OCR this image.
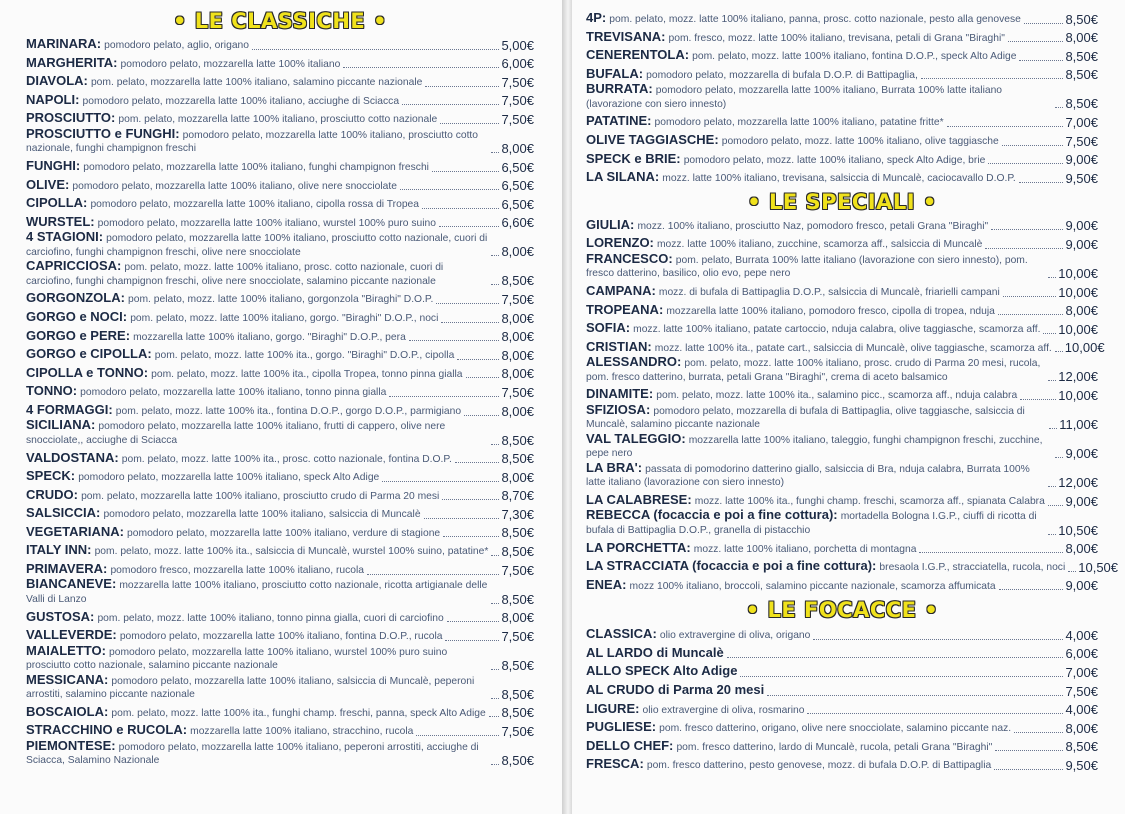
• LE CLASSICHE •
MARINARA: pomodoro pelato, aglio, origano	5,00€
MARGHERITA: pomodoro pelato, mozzarella latte 100% italiano	6,00€
DIAVOLA: pom. pelato, mozzarella latte 100% italiano, salamino piccante nazionale	7,50€
NAPOLI: pomodoro pelato, mozzarella latte 100% italiano, acciughe di Sciacca	7,50€
PROSCIUTTO: pom. pelato, mozzarella latte 100% italiano, prosciutto cotto nazionale	7,50€
PROSCIUTTO e FUNGHI: pomodoro pelato, mozzarella latte 100% italiano, prosciutto cotto nazionale, funghi champignon freschi	8,00€
FUNGHI: pomodoro pelato, mozzarella latte 100% italiano, funghi champignon freschi	6,50€
OLIVE: pomodoro pelato, mozzarella latte 100% italiano, olive nere snocciolate	6,50€
CIPOLLA: pomodoro pelato, mozzarella latte 100% italiano, cipolla rossa di Tropea	6,50€
WURSTEL: pomodoro pelato, mozzarella latte 100% italiano, wurstel 100% puro suino	6,60€
4 STAGIONI: pomodoro pelato, mozzarella latte 100% italiano, prosciutto cotto nazionale, cuori di carciofino, funghi champignon freschi, olive nere snocciolate	8,00€
CAPRICCIOSA: pom. pelato, mozz. latte 100% italiano, prosc. cotto nazionale, cuori di carciofino, funghi champignon freschi, olive nere snocciolate, salamino piccante nazionale	8,50€
GORGONZOLA: pom. pelato, mozz. latte 100% italiano, gorgonzola "Biraghi" D.O.P.	7,50€
GORGO e NOCI: pom. pelato, mozz. latte 100% italiano, gorgo. "Biraghi" D.O.P., noci	8,00€
GORGO e PERE: mozzarella latte 100% italiano, gorgo. "Biraghi" D.O.P., pera	8,00€
GORGO e CIPOLLA: pom. pelato, mozz. latte 100% ita., gorgo. "Biraghi" D.O.P., cipolla	8,00€
CIPOLLA e TONNO: pom. pelato, mozz. latte 100% ita., cipolla Tropea, tonno pinna gialla	8,00€
TONNO: pomodoro pelato, mozzarella latte 100% italiano, tonno pinna gialla	7,50€
4 FORMAGGI: pom. pelato, mozz. latte 100% ita., fontina D.O.P., gorgo D.O.P., parmigiano	8,00€
SICILIANA: pomodoro pelato, mozzarella latte 100% italiano, frutti di cappero, olive nere snocciolate,, acciughe di Sciacca	8,50€
VALDOSTANA: pom. pelato, mozz. latte 100% ita., prosc. cotto nazionale, fontina D.O.P.	8,50€
SPECK: pomodoro pelato, mozzarella latte 100% italiano, speck Alto Adige	8,00€
CRUDO: pom. pelato, mozzarella latte 100% italiano, prosciutto crudo di Parma 20 mesi	8,70€
SALSICCIA: pomodoro pelato, mozzarella latte 100% italiano, salsiccia di Muncalè	7,30€
VEGETARIANA: pomodoro pelato, mozzarella latte 100% italiano, verdure di stagione	8,50€
ITALY INN: pom. pelato, mozz. latte 100% ita., salsiccia di Muncalè, wurstel 100% suino, patatine* 8,50€
PRIMAVERA: pomodoro fresco, mozzarella latte 100% italiano, rucola	7,50€
BIANCANEVE: mozzarella latte 100% italiano, prosciutto cotto nazionale, ricotta artigianale delle Valli di Lanzo	8,50€
GUSTOSA: pom. pelato, mozz. latte 100% italiano, tonno pinna gialla, cuori di carciofino	8,00€
VALLEVERDE: pomodoro pelato, mozzarella latte 100% italiano, fontina D.O.P., rucola	7,50€
MAIALETTO: pomodoro pelato, mozzarella latte 100% italiano, wurstel 100% puro suino prosciutto cotto nazionale, salamino piccante nazionale	8,50€
MESSICANA: pomodoro pelato, mozzarella latte 100% italiano, salsiccia di Muncalè, peperoni arrostiti, salamino piccante nazionale	8,50€
BOSCAIOLA: pom. pelato, mozz. latte 100% ita., funghi champ. freschi, panna, speck Alto Adige 8,50€
STRACCHINO e RUCOLA: mozzarella latte 100% italiano, stracchino, rucola	7,50€
PIEMONTESE: pomodoro pelato, mozzarella latte 100% italiano, peperoni arrostiti, acciughe di Sciacca, Salamino Nazionale	8,50€
4P: pom. pelato, mozz. latte 100% italiano, panna, prosc. cotto nazionale, pesto alla genovese	8,50€
TREVISANA: pom. fresco, mozz. latte 100% italiano, trevisana, petali di Grana "Biraghi"	8,00€
CENERENTOLA: pom. pelato, mozz. latte 100% italiano, fontina D.O.P., speck Alto Adige	8,50€
BUFALA: pomodoro pelato, mozzarella di bufala D.O.P. di Battipaglia,	8,50€
BURRATA: pomodoro pelato, mozzarella latte 100% italiano, Burrata 100% latte italiano (lavorazione con siero innesto)	8,50€
PATATINE: pomodoro pelato, mozzarella latte 100% italiano, patatine fritte*	7,00€
OLIVE TAGGIASCHE: pomodoro pelato, mozz. latte 100% italiano, olive taggiasche	7,50€
SPECK e BRIE: pomodoro pelato, mozz. latte 100% italiano, speck Alto Adige, brie	9,00€
LA SILANA: mozz. latte 100% italiano, trevisana, salsiccia di Muncalè, caciocavallo D.O.P.	9,50€
• LE SPECIALI •
GIULIA: mozz. 100% italiano, prosciutto Naz, pomodoro fresco, petali Grana "Biraghi"	9,00€
LORENZO: mozz. latte 100% italiano, zucchine, scamorza aff., salsiccia di Muncalè	9,00€
FRANCESCO: pom. pelato, Burrata 100% latte italiano (lavorazione con siero innesto), pom. fresco datterino, basilico, olio evo, pepe nero	10,00€
CAMPANA: mozz. di bufala di Battipaglia D.O.P., salsiccia di Muncalè, friarielli campani	10,00€
TROPEANA: mozzarella latte 100% italiano, pomodoro fresco, cipolla di tropea, nduja	8,00€
SOFIA: mozz. latte 100% italiano, patate cartoccio, nduja calabra, olive taggiasche, scamorza aff. 10,00€
CRISTIAN: mozz. latte 100% ita., patate cart., salsiccia di Muncalè, olive taggiasche, scamorza aff. 10,00€
ALESSANDRO: pom. pelato, mozz. latte 100% italiano, prosc. crudo di Parma 20 mesi, rucola, pom. fresco datterino, burrata, petali Grana "Biraghi", crema di aceto balsamico	12,00€
DINAMITE: pom. pelato, mozz. latte 100% ita., salamino picc., scamorza aff., nduja calabra	10,00€
SFIZIOSA: pomodoro pelato, mozzarella di bufala di Battipaglia, olive taggiasche, salsiccia di Muncalè, salamino piccante nazionale	11,00€
VAL TALEGGIO: mozzarella latte 100% italiano, taleggio, funghi champignon freschi, zucchine, pepe nero	9,00€
LA BRA': passata di pomodorino datterino giallo, salsiccia di Bra, nduja calabra, Burrata 100% latte italiano (lavorazione con siero innesto)	12,00€
LA CALABRESE: mozz. latte 100% ita., funghi champ. freschi, scamorza aff., spianata Calabra 9,00€
REBECCA (focaccia e poi a fine cottura): mortadella Bologna I.G.P., ciuffi di ricotta di bufala di Battipaglia D.O.P., granella di pistacchio	10,50€
LA PORCHETTA: mozz. latte 100% italiano, porchetta di montagna	8,00€
LA STRACCIATA (focaccia e poi a fine cottura): bresaola I.G.P., stracciatella, rucola, noci 10,50€
ENEA: mozz 100% italiano, broccoli, salamino piccante nazionale, scamorza affumicata	9,00€
• LE FOCACCE •
CLASSICA: olio extravergine di oliva, origano	4,00€
AL LARDO di Muncalè	6,00€
ALLO SPECK Alto Adige	7,00€
AL CRUDO di Parma 20 mesi	7,50€
LIGURE: olio extravergine di oliva, rosmarino	4,00€
PUGLIESE: pom. fresco datterino, origano, olive nere snocciolate, salamino piccante naz.	8,00€
DELLO CHEF: pom. fresco datterino, lardo di Muncalè, rucola, petali Grana "Biraghi"	8,50€
FRESCA: pom. fresco datterino, pesto genovese, mozz. di bufala D.O.P. di Battipaglia	9,50€
